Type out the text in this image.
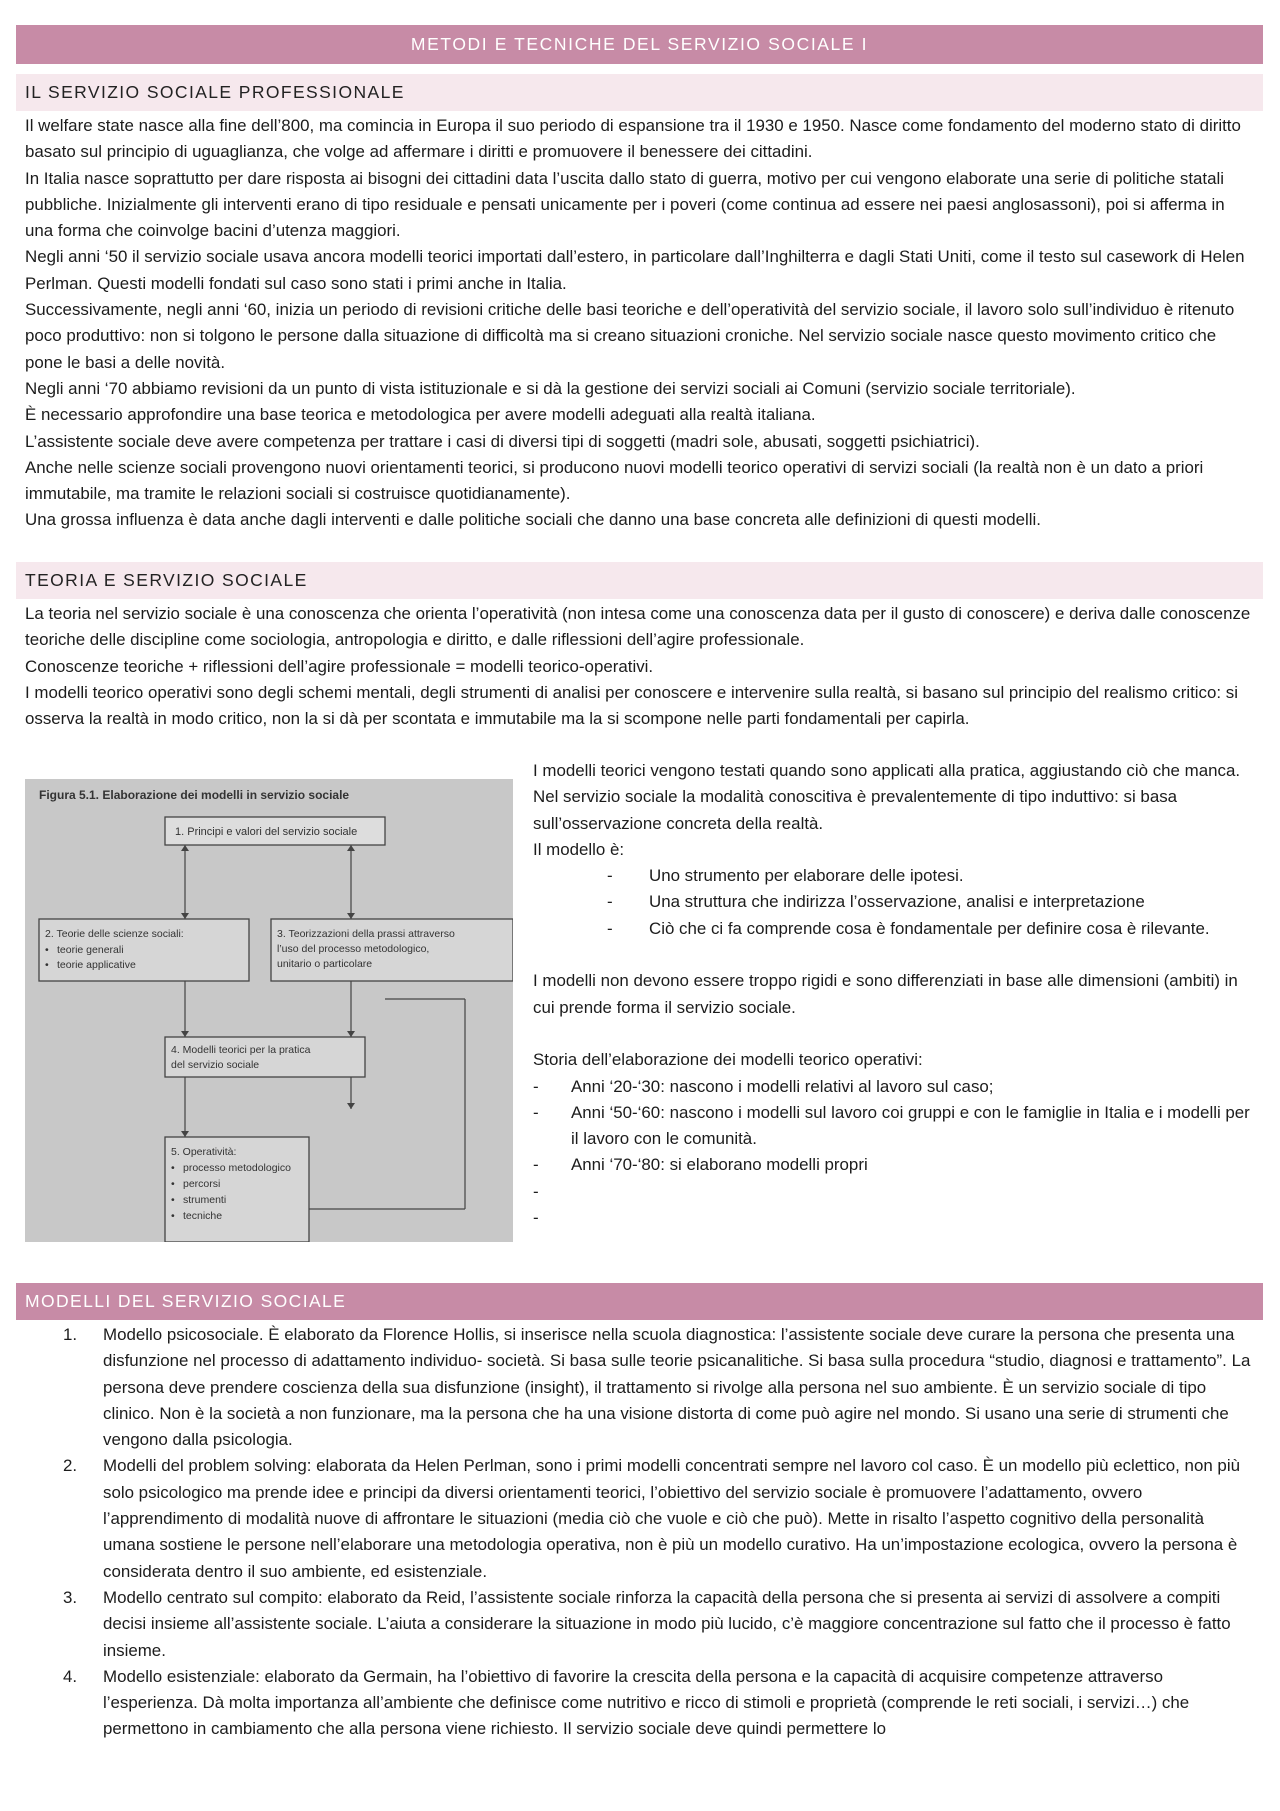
METODI E TECNICHE DEL SERVIZIO SOCIALE I
IL SERVIZIO SOCIALE PROFESSIONALE

Il welfare state nasce alla fine dell’800, ma comincia in Europa il suo periodo di espansione tra il 1930 e 1950. Nasce come fondamento del moderno stato di diritto basato sul principio di uguaglianza, che volge ad affermare i diritti e promuovere il benessere dei cittadini.

In Italia nasce soprattutto per dare risposta ai bisogni dei cittadini data l’uscita dallo stato di guerra, motivo per cui vengono elaborate una serie di politiche statali pubbliche. Inizialmente gli interventi erano di tipo residuale e pensati unicamente per i poveri (come continua ad essere nei paesi anglosassoni), poi si afferma in una forma che coinvolge bacini d’utenza maggiori.

Negli anni ‘50 il servizio sociale usava ancora modelli teorici importati dall’estero, in particolare dall’Inghilterra e dagli Stati Uniti, come il testo sul casework di Helen Perlman. Questi modelli fondati sul caso sono stati i primi anche in Italia.

Successivamente, negli anni ‘60, inizia un periodo di revisioni critiche delle basi teoriche e dell’operatività del servizio sociale, il lavoro solo sull’individuo è ritenuto poco produttivo: non si tolgono le persone dalla situazione di difficoltà ma si creano situazioni croniche. Nel servizio sociale nasce questo movimento critico che pone le basi a delle novità.

Negli anni ‘70 abbiamo revisioni da un punto di vista istituzionale e si dà la gestione dei servizi sociali ai Comuni (servizio sociale territoriale).

È necessario approfondire una base teorica e metodologica per avere modelli adeguati alla realtà italiana.

L’assistente sociale deve avere competenza per trattare i casi di diversi tipi di soggetti (madri sole, abusati, soggetti psichiatrici).

Anche nelle scienze sociali provengono nuovi orientamenti teorici, si producono nuovi modelli teorico operativi di servizi sociali (la realtà non è un dato a priori immutabile, ma tramite le relazioni sociali si costruisce quotidianamente).

Una grossa influenza è data anche dagli interventi e dalle politiche sociali che danno una base concreta alle definizioni di questi modelli.

TEORIA E SERVIZIO SOCIALE

La teoria nel servizio sociale è una conoscenza che orienta l’operatività (non intesa come una conoscenza data per il gusto di conoscere) e deriva dalle conoscenze teoriche delle discipline come sociologia, antropologia e diritto, e dalle riflessioni dell’agire professionale.

Conoscenze teoriche + riflessioni dell’agire professionale = modelli teorico-operativi.

I modelli teorico operativi sono degli schemi mentali, degli strumenti di analisi per conoscere e intervenire sulla realtà, si basano sul principio del realismo critico: si osserva la realtà in modo critico, non la si dà per scontata e immutabile ma la si scompone nelle parti fondamentali per capirla.

Figura 5.1. Elaborazione dei modelli in servizio sociale
1. Principi e valori del servizio sociale
2. Teorie delle scienze sociali:
• teorie generali
• teorie applicative
3. Teorizzazioni della prassi attraverso
l’uso del processo metodologico,
unitario o particolare
4. Modelli teorici per la pratica
del servizio sociale
5. Operatività:
• processo metodologico
• percorsi
• strumenti
• tecniche

I modelli teorici vengono testati quando sono applicati alla pratica, aggiustando ciò che manca. Nel servizio sociale la modalità conoscitiva è prevalentemente di tipo induttivo: si basa sull’osservazione concreta della realtà.

Il modello è:

- Uno strumento per elaborare delle ipotesi.
- Una struttura che indirizza l’osservazione, analisi e interpretazione
- Ciò che ci fa comprende cosa è fondamentale per definire cosa è rilevante.

I modelli non devono essere troppo rigidi e sono differenziati in base alle dimensioni (ambiti) in cui prende forma il servizio sociale.

Storia dell’elaborazione dei modelli teorico operativi:

- Anni ‘20-‘30: nascono i modelli relativi al lavoro sul caso;
- Anni ‘50-‘60: nascono i modelli sul lavoro coi gruppi e con le famiglie in Italia e i modelli per il lavoro con le comunità.
- Anni ‘70-‘80: si elaborano modelli propri
-
-
MODELLI DEL SERVIZIO SOCIALE
1. Modello psicosociale. È elaborato da Florence Hollis, si inserisce nella scuola diagnostica: l’assistente sociale deve curare la persona che presenta una disfunzione nel processo di adattamento individuo- società. Si basa sulle teorie psicanalitiche. Si basa sulla procedura “studio, diagnosi e trattamento”. La persona deve prendere coscienza della sua disfunzione (insight), il trattamento si rivolge alla persona nel suo ambiente. È un servizio sociale di tipo clinico. Non è la società a non funzionare, ma la persona che ha una visione distorta di come può agire nel mondo. Si usano una serie di strumenti che vengono dalla psicologia.
2. Modelli del problem solving: elaborata da Helen Perlman, sono i primi modelli concentrati sempre nel lavoro col caso. È un modello più eclettico, non più solo psicologico ma prende idee e principi da diversi orientamenti teorici, l’obiettivo del servizio sociale è promuovere l’adattamento, ovvero l’apprendimento di modalità nuove di affrontare le situazioni (media ciò che vuole e ciò che può). Mette in risalto l’aspetto cognitivo della personalità umana sostiene le persone nell’elaborare una metodologia operativa, non è più un modello curativo. Ha un’impostazione ecologica, ovvero la persona è considerata dentro il suo ambiente, ed esistenziale.
3. Modello centrato sul compito: elaborato da Reid, l’assistente sociale rinforza la capacità della persona che si presenta ai servizi di assolvere a compiti decisi insieme all’assistente sociale. L’aiuta a considerare la situazione in modo più lucido, c’è maggiore concentrazione sul fatto che il processo è fatto insieme.
4. Modello esistenziale: elaborato da Germain, ha l’obiettivo di favorire la crescita della persona e la capacità di acquisire competenze attraverso l’esperienza. Dà molta importanza all’ambiente che definisce come nutritivo e ricco di stimoli e proprietà (comprende le reti sociali, i servizi…) che permettono in cambiamento che alla persona viene richiesto. Il servizio sociale deve quindi permettere lo
